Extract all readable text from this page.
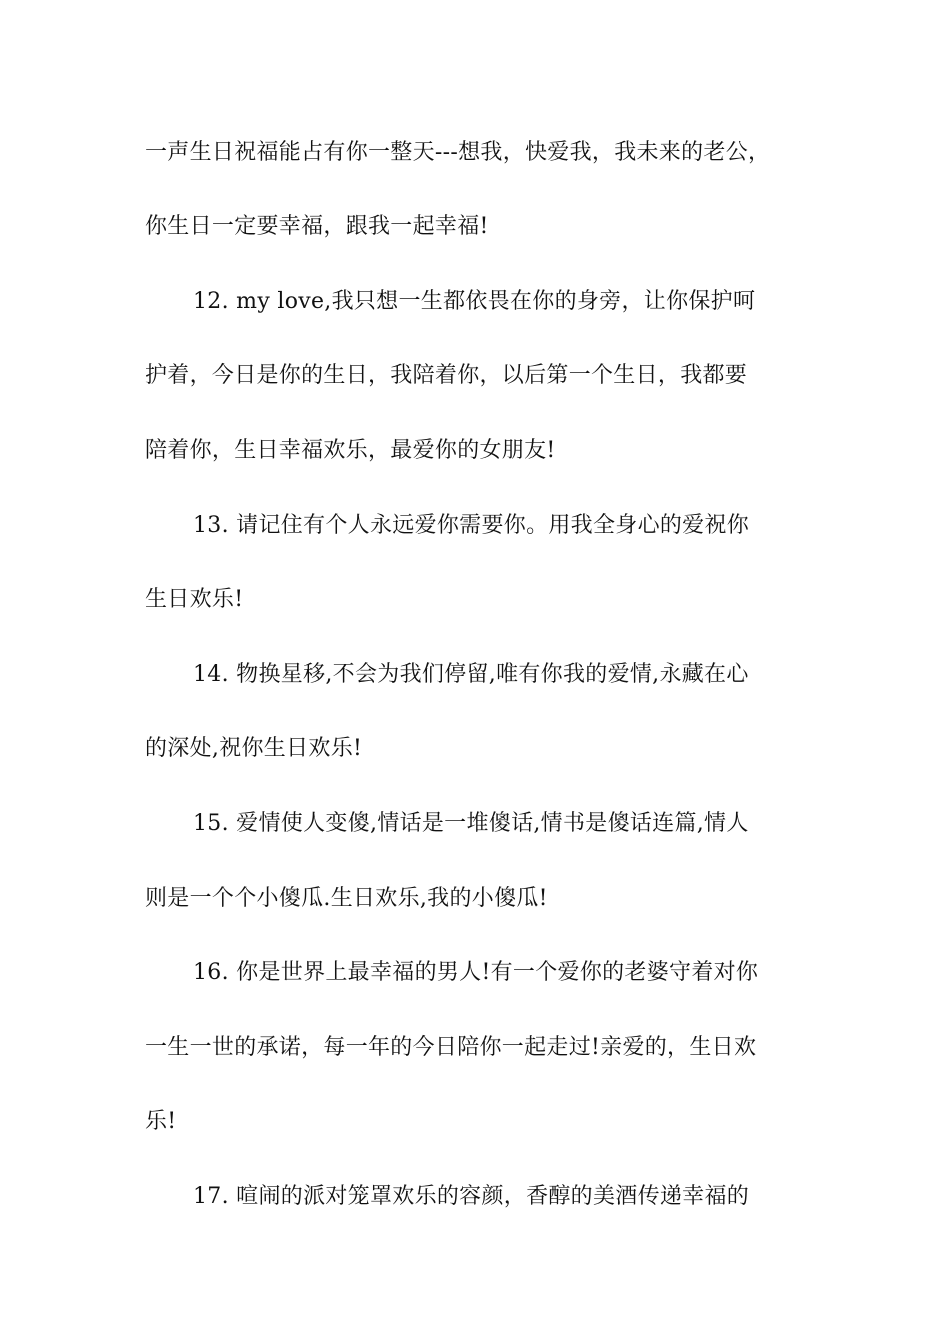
一声生日祝福能占有你一整天---想我，快爱我，我未来的老公，
你生日一定要幸福，跟我一起幸福!
12. my love,我只想一生都依畏在你的身旁，让你保护呵
护着，今日是你的生日，我陪着你，以后第一个生日，我都要
陪着你，生日幸福欢乐，最爱你的女朋友!
13. 请记住有个人永远爱你需要你。用我全身心的爱祝你
生日欢乐!
14. 物换星移,不会为我们停留,唯有你我的爱情,永藏在心
的深处,祝你生日欢乐!
15. 爱情使人变傻,情话是一堆傻话,情书是傻话连篇,情人
则是一个个小傻瓜.生日欢乐,我的小傻瓜!
16. 你是世界上最幸福的男人!有一个爱你的老婆守着对你
一生一世的承诺，每一年的今日陪你一起走过!亲爱的，生日欢
乐!
17. 喧闹的派对笼罩欢乐的容颜，香醇的美酒传递幸福的
